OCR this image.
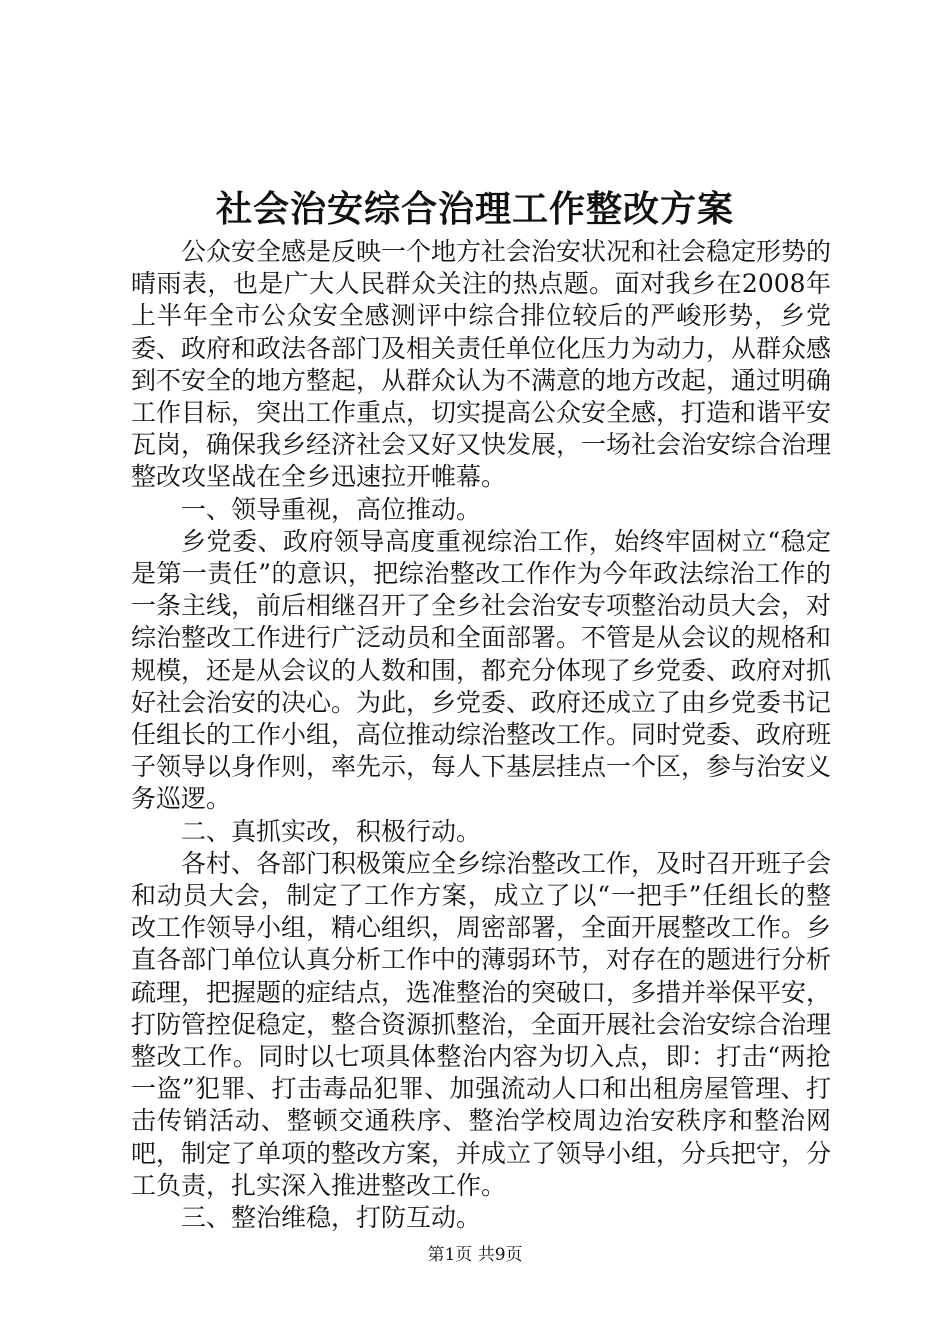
社会治安综合治理工作整改方案

公众安全感是反映一个地方社会治安状况和社会稳定形势的晴雨表，也是广大人民群众关注的热点题。面对我乡在2008年上半年全市公众安全感测评中综合排位较后的严峻形势，乡党委、政府和政法各部门及相关责任单位化压力为动力，从群众感到不安全的地方整起，从群众认为不满意的地方改起，通过明确工作目标，突出工作重点，切实提高公众安全感，打造和谐平安瓦岗，确保我乡经济社会又好又快发展，一场社会治安综合治理整改攻坚战在全乡迅速拉开帷幕。

一、领导重视，高位推动。

乡党委、政府领导高度重视综治工作，始终牢固树立“稳定是第一责任”的意识，把综治整改工作作为今年政法综治工作的一条主线，前后相继召开了全乡社会治安专项整治动员大会，对综治整改工作进行广泛动员和全面部署。不管是从会议的规格和规模，还是从会议的人数和围，都充分体现了乡党委、政府对抓好社会治安的决心。为此，乡党委、政府还成立了由乡党委书记任组长的工作小组，高位推动综治整改工作。同时党委、政府班子领导以身作则，率先示，每人下基层挂点一个区，参与治安义务巡逻。

二、真抓实改，积极行动。

各村、各部门积极策应全乡综治整改工作，及时召开班子会和动员大会，制定了工作方案，成立了以“一把手”任组长的整改工作领导小组，精心组织，周密部署，全面开展整改工作。乡直各部门单位认真分析工作中的薄弱环节，对存在的题进行分析疏理，把握题的症结点，选准整治的突破口，多措并举保平安，打防管控促稳定，整合资源抓整治，全面开展社会治安综合治理整改工作。同时以七项具体整治内容为切入点，即：打击“两抢一盗”犯罪、打击毒品犯罪、加强流动人口和出租房屋管理、打击传销活动、整顿交通秩序、整治学校周边治安秩序和整治网吧，制定了单项的整改方案，并成立了领导小组，分兵把守，分工负责，扎实深入推进整改工作。

三、整治维稳，打防互动。

第1页 共9页
